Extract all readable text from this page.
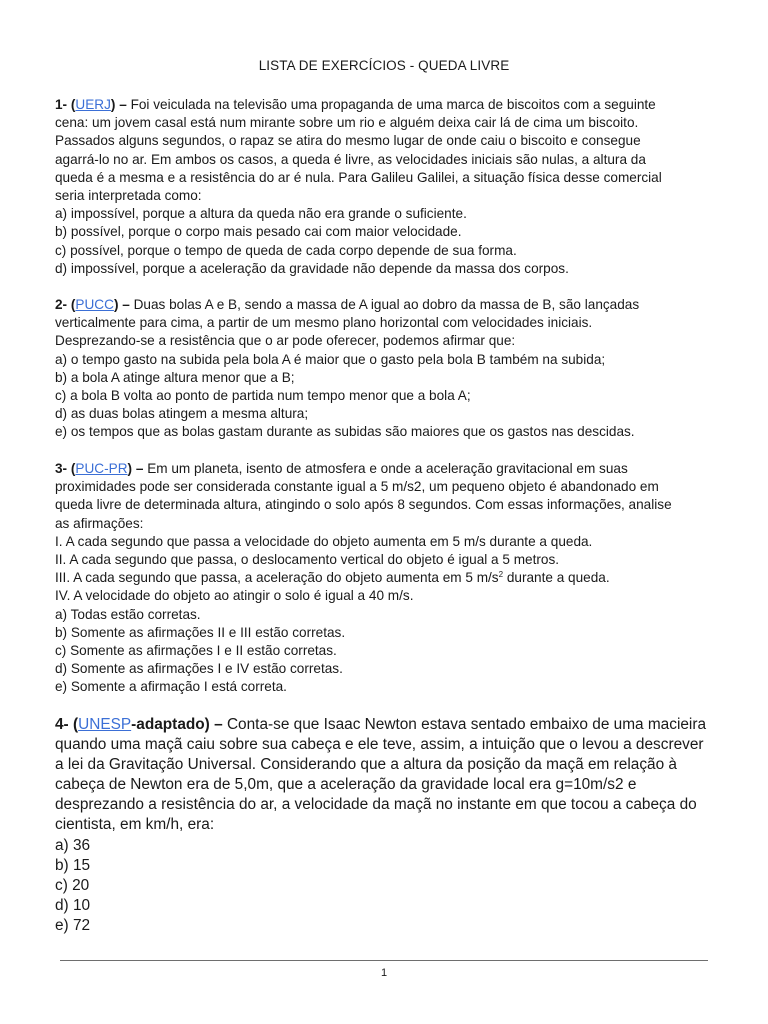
LISTA DE EXERCÍCIOS - QUEDA LIVRE

1- (UERJ) – Foi veiculada na televisão uma propaganda de uma marca de biscoitos com a seguinte

cena: um jovem casal está num mirante sobre um rio e alguém deixa cair lá de cima um biscoito.

Passados alguns segundos, o rapaz se atira do mesmo lugar de onde caiu o biscoito e consegue

agarrá-lo no ar. Em ambos os casos, a queda é livre, as velocidades iniciais são nulas, a altura da

queda é a mesma e a resistência do ar é nula. Para Galileu Galilei, a situação física desse comercial

seria interpretada como:

a) impossível, porque a altura da queda não era grande o suficiente.

b) possível, porque o corpo mais pesado cai com maior velocidade.

c) possível, porque o tempo de queda de cada corpo depende de sua forma.

d) impossível, porque a aceleração da gravidade não depende da massa dos corpos.

2- (PUCC) – Duas bolas A e B, sendo a massa de A igual ao dobro da massa de B, são lançadas

verticalmente para cima, a partir de um mesmo plano horizontal com velocidades iniciais.

Desprezando-se a resistência que o ar pode oferecer, podemos afirmar que:

a) o tempo gasto na subida pela bola A é maior que o gasto pela bola B também na subida;

b) a bola A atinge altura menor que a B;

c) a bola B volta ao ponto de partida num tempo menor que a bola A;

d) as duas bolas atingem a mesma altura;

e) os tempos que as bolas gastam durante as subidas são maiores que os gastos nas descidas.

3- (PUC-PR) – Em um planeta, isento de atmosfera e onde a aceleração gravitacional em suas

proximidades pode ser considerada constante igual a 5 m/s2, um pequeno objeto é abandonado em

queda livre de determinada altura, atingindo o solo após 8 segundos. Com essas informações, analise

as afirmações:

I. A cada segundo que passa a velocidade do objeto aumenta em 5 m/s durante a queda.

II. A cada segundo que passa, o deslocamento vertical do objeto é igual a 5 metros.

III. A cada segundo que passa, a aceleração do objeto aumenta em 5 $m/s^2$ durante a queda.

IV. A velocidade do objeto ao atingir o solo é igual a 40 m/s.

a) Todas estão corretas.

b) Somente as afirmações II e III estão corretas.

c) Somente as afirmações I e II estão corretas.

d) Somente as afirmações I e IV estão corretas.

e) Somente a afirmação I está correta.

4- (UNESP-adaptado) – Conta-se que Isaac Newton estava sentado embaixo de uma macieira

quando uma maçã caiu sobre sua cabeça e ele teve, assim, a intuição que o levou a descrever

a lei da Gravitação Universal. Considerando que a altura da posição da maçã em relação à

cabeça de Newton era de 5,0m, que a aceleração da gravidade local era g=10m/s2 e

desprezando a resistência do ar, a velocidade da maçã no instante em que tocou a cabeça do

cientista, em km/h, era:

a) 36

b) 15

c) 20

d) 10

e) 72

1
